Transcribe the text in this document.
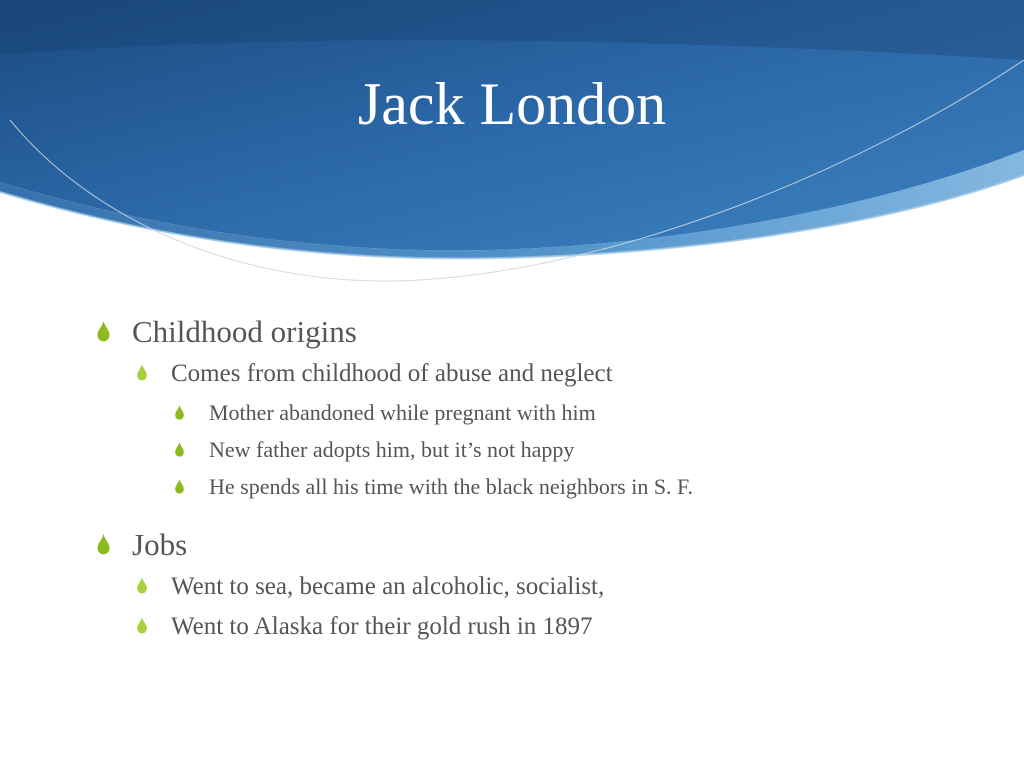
Jack London
Childhood origins
Comes from childhood of abuse and neglect
Mother abandoned while pregnant with him
New father adopts him, but it’s not happy
He spends all his time with the black neighbors in S. F.
Jobs
Went to sea, became an alcoholic, socialist,
Went to Alaska for their gold rush in 1897
